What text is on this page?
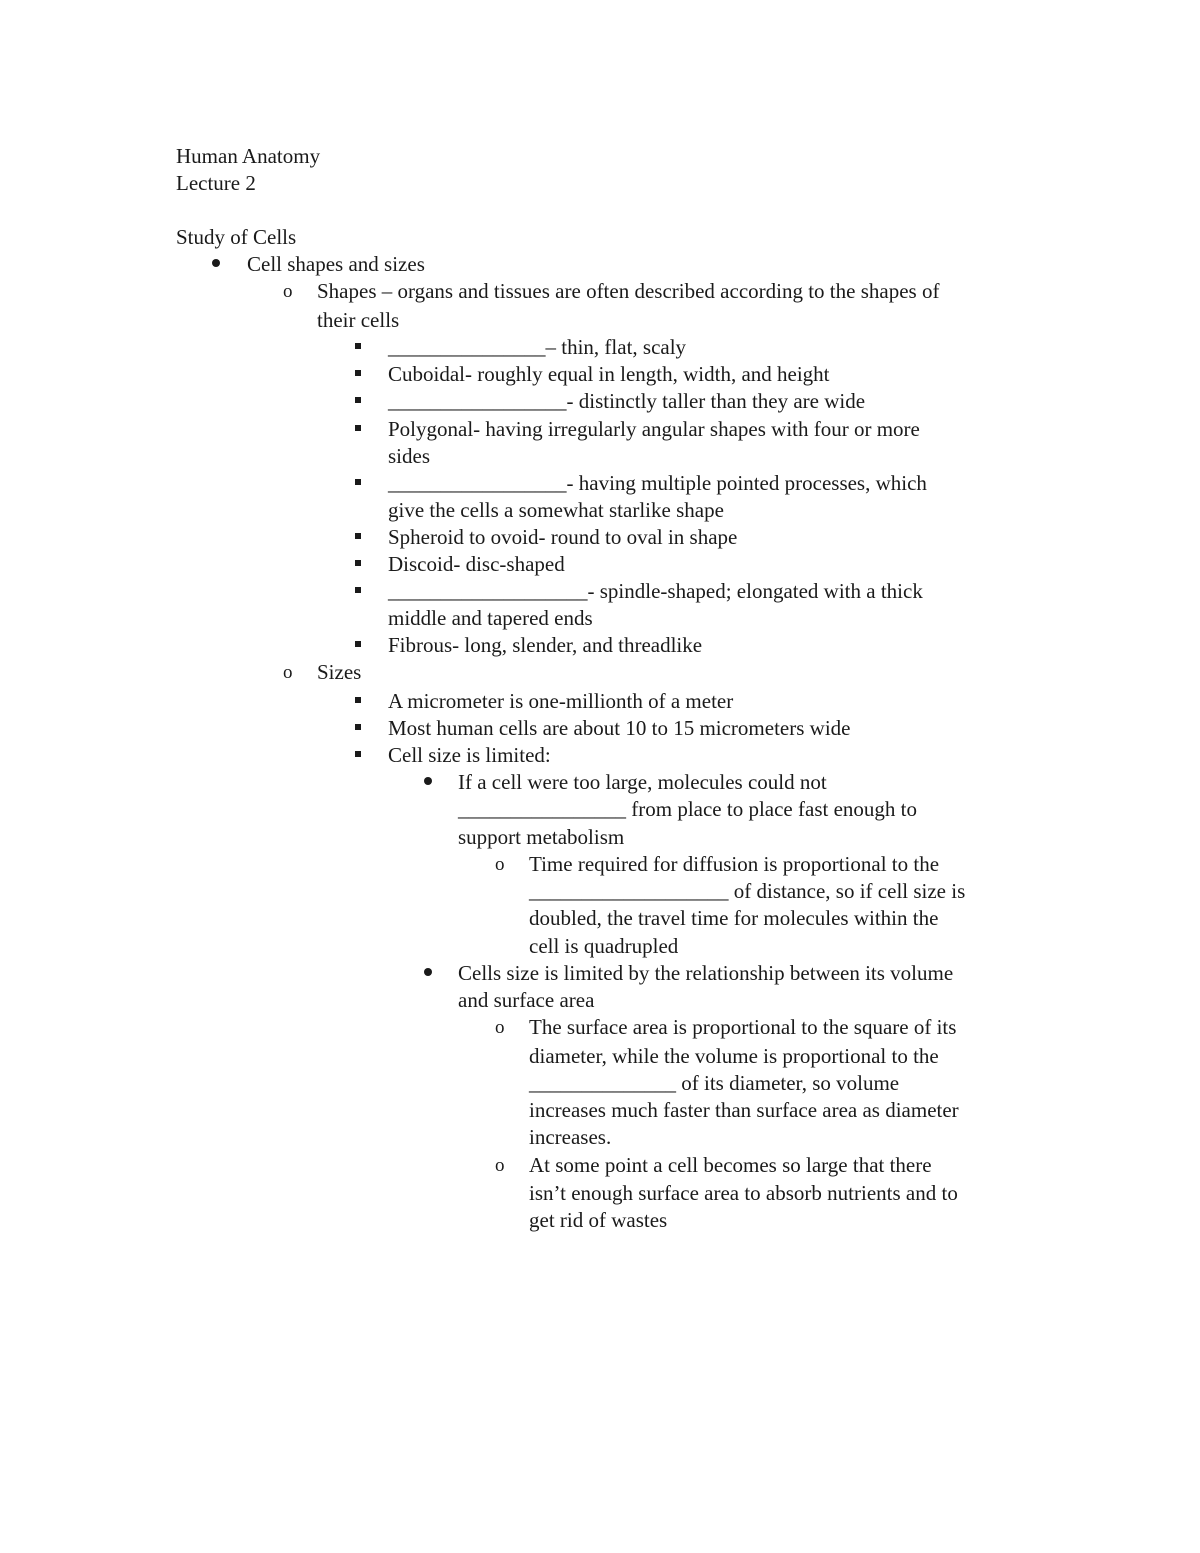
Human Anatomy
Lecture 2
Study of Cells
Cell shapes and sizes
o Shapes – organs and tissues are often described according to the shapes of
their cells
_______________– thin, flat, scaly
Cuboidal- roughly equal in length, width, and height
_________________- distinctly taller than they are wide
Polygonal- having irregularly angular shapes with four or more
sides
_________________- having multiple pointed processes, which
give the cells a somewhat starlike shape
Spheroid to ovoid- round to oval in shape
Discoid- disc-shaped
___________________- spindle-shaped; elongated with a thick
middle and tapered ends
Fibrous- long, slender, and threadlike
o Sizes
A micrometer is one-millionth of a meter
Most human cells are about 10 to 15 micrometers wide
Cell size is limited:
If a cell were too large, molecules could not
________________ from place to place fast enough to
support metabolism
o Time required for diffusion is proportional to the
___________________ of distance, so if cell size is
doubled, the travel time for molecules within the
cell is quadrupled
Cells size is limited by the relationship between its volume
and surface area
o The surface area is proportional to the square of its
diameter, while the volume is proportional to the
______________ of its diameter, so volume
increases much faster than surface area as diameter
increases.
o At some point a cell becomes so large that there
isn’t enough surface area to absorb nutrients and to
get rid of wastes
